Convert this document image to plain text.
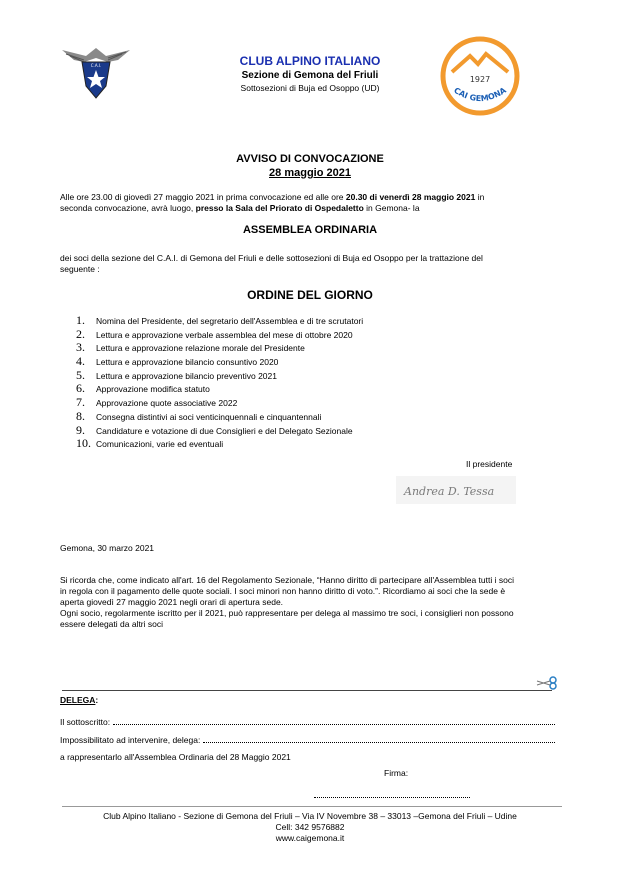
C.A.I.	CLUB ALPINO ITALIANO
Sezione di Gemona del Friuli
Sottosezioni di Buja ed Osoppo (UD)
1927
CAI GEMONA
AVVISO DI CONVOCAZIONE
28 maggio 2021
Alle ore 23.00 di giovedì 27 maggio 2021 in prima convocazione ed alle ore 20.30 di venerdì 28 maggio 2021 in
seconda convocazione, avrà luogo, presso la Sala del Priorato di Ospedaletto in Gemona- la
ASSEMBLEA ORDINARIA
dei soci della sezione del C.A.I. di Gemona del Friuli e delle sottosezioni di Buja ed Osoppo per la trattazione del
seguente :
ORDINE DEL GIORNO
1.	Nomina del Presidente, del segretario dell'Assemblea e di tre scrutatori
2.	Lettura e approvazione verbale assemblea del mese di ottobre 2020
3.	Lettura e approvazione relazione morale del Presidente
4.	Lettura e approvazione bilancio consuntivo 2020
5.	Lettura e approvazione bilancio preventivo 2021
6.	Approvazione modifica statuto
7.	Approvazione quote associative 2022
8.	Consegna distintivi ai soci venticinquennali e cinquantennali
9.	Candidature e votazione di due Consiglieri e del Delegato Sezionale
10. Comunicazioni, varie ed eventuali
Il presidente
Andrea D. Tessa
Gemona, 30 marzo 2021
Si ricorda che, come indicato all'art. 16 del Regolamento Sezionale, “Hanno diritto di partecipare all'Assemblea tutti i soci
in regola con il pagamento delle quote sociali. I soci minori non hanno diritto di voto.”. Ricordiamo ai soci che la sede è
aperta giovedì 27 maggio 2021 negli orari di apertura sede.
Ogni socio, regolarmente iscritto per il 2021, può rappresentare per delega al massimo tre soci, i consiglieri non possono
essere delegati da altri soci
DELEGA:
Il sottoscritto:
Impossibilitato ad intervenire, delega:
a rappresentarlo all'Assemblea Ordinaria del 28 Maggio 2021
Firma:
Club Alpino Italiano - Sezione di Gemona del Friuli – Via IV Novembre 38 – 33013 –Gemona del Friuli – Udine
Cell: 342 9576882
www.caigemona.it
